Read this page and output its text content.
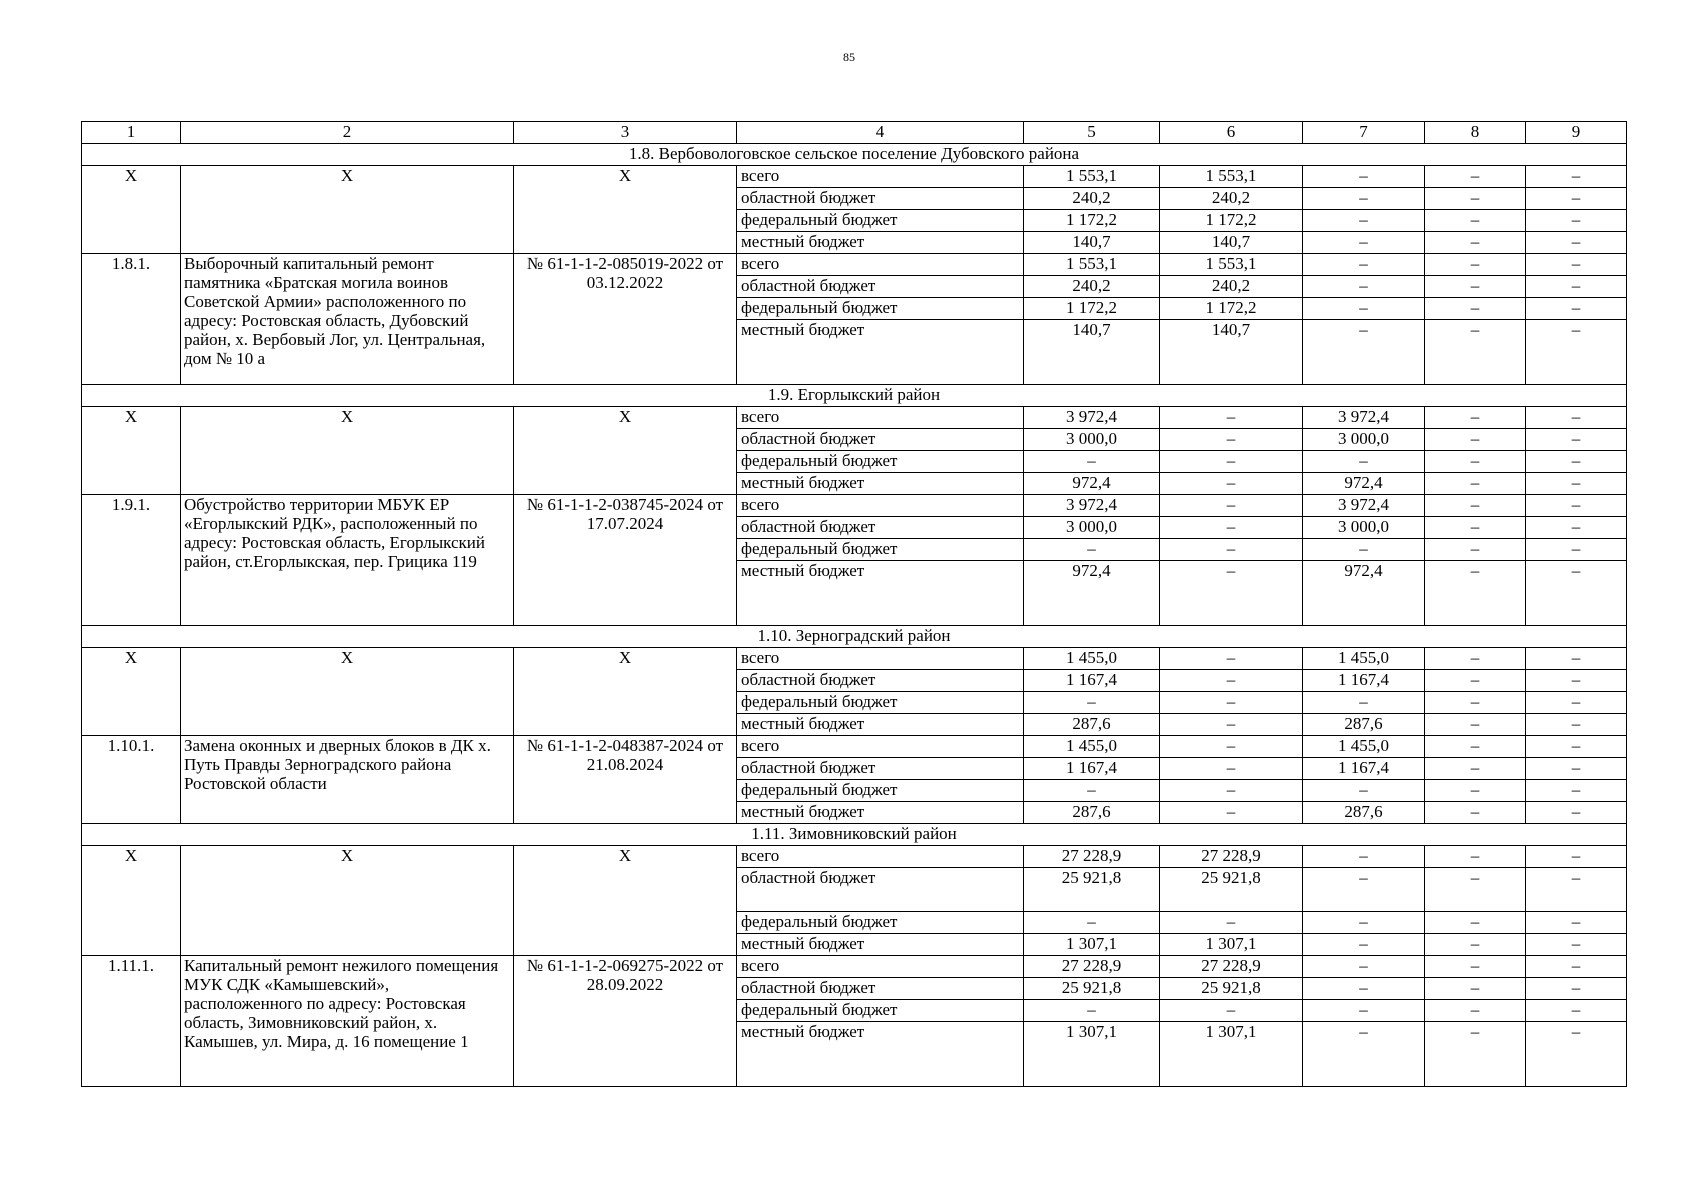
85
1	2	3	4	5	6	7	8	9
1.8. Вербовологовское сельское поселение Дубовского района								
Х	Х	Х	всего	1 553,1	1 553,1	–	–	–
			областной бюджет	240,2	240,2	–	–	–
			федеральный бюджет	1 172,2	1 172,2	–	–	–
			местный бюджет	140,7	140,7	–	–	–
1.8.1.	Выборочный капитальный ремонт памятника «Братская могила воинов Советской Армии» расположенного по адресу: Ростовская область, Дубовский район, х. Вербовый Лог, ул. Центральная, дом № 10 а	№ 61-1-1-2-085019-2022 от 03.12.2022	всего	1 553,1	1 553,1	–	–	–
			областной бюджет	240,2	240,2	–	–	–
			федеральный бюджет	1 172,2	1 172,2	–	–	–
			местный бюджет	140,7	140,7	–	–	–
1.9. Егорлыкский район								
Х	Х	Х	всего	3 972,4	–	3 972,4	–	–
			областной бюджет	3 000,0	–	3 000,0	–	–
			федеральный бюджет	–	–	–	–	–
			местный бюджет	972,4	–	972,4	–	–
1.9.1.	Обустройство территории МБУК ЕР «Егорлыкский РДК», расположенный по адресу: Ростовская область, Егорлыкский район, ст.Егорлыкская, пер. Грицика 119	№ 61-1-1-2-038745-2024 от 17.07.2024	всего	3 972,4	–	3 972,4	–	–
			областной бюджет	3 000,0	–	3 000,0	–	–
			федеральный бюджет	–	–	–	–	–
			местный бюджет	972,4	–	972,4	–	–
1.10. Зерноградский район								
Х	Х	Х	всего	1 455,0	–	1 455,0	–	–
			областной бюджет	1 167,4	–	1 167,4	–	–
			федеральный бюджет	–	–	–	–	–
			местный бюджет	287,6	–	287,6	–	–
1.10.1.	Замена оконных и дверных блоков в ДК х. Путь Правды Зерноградского района Ростовской области	№ 61-1-1-2-048387-2024 от 21.08.2024	всего	1 455,0	–	1 455,0	–	–
			областной бюджет	1 167,4	–	1 167,4	–	–
			федеральный бюджет	–	–	–	–	–
			местный бюджет	287,6	–	287,6	–	–
1.11. Зимовниковский район								
Х	Х	Х	всего	27 228,9	27 228,9	–	–	–
			областной бюджет	25 921,8	25 921,8	–	–	–
			федеральный бюджет	–	–	–	–	–
			местный бюджет	1 307,1	1 307,1	–	–	–
1.11.1.	Капитальный ремонт нежилого помещения МУК СДК «Камышевский», расположенного по адресу: Ростовская область, Зимовниковский район, х. Камышев, ул. Мира, д. 16 помещение 1	№ 61-1-1-2-069275-2022 от 28.09.2022	всего	27 228,9	27 228,9	–	–	–
			областной бюджет	25 921,8	25 921,8	–	–	–
			федеральный бюджет	–	–	–	–	–
			местный бюджет	1 307,1	1 307,1	–	–	–
